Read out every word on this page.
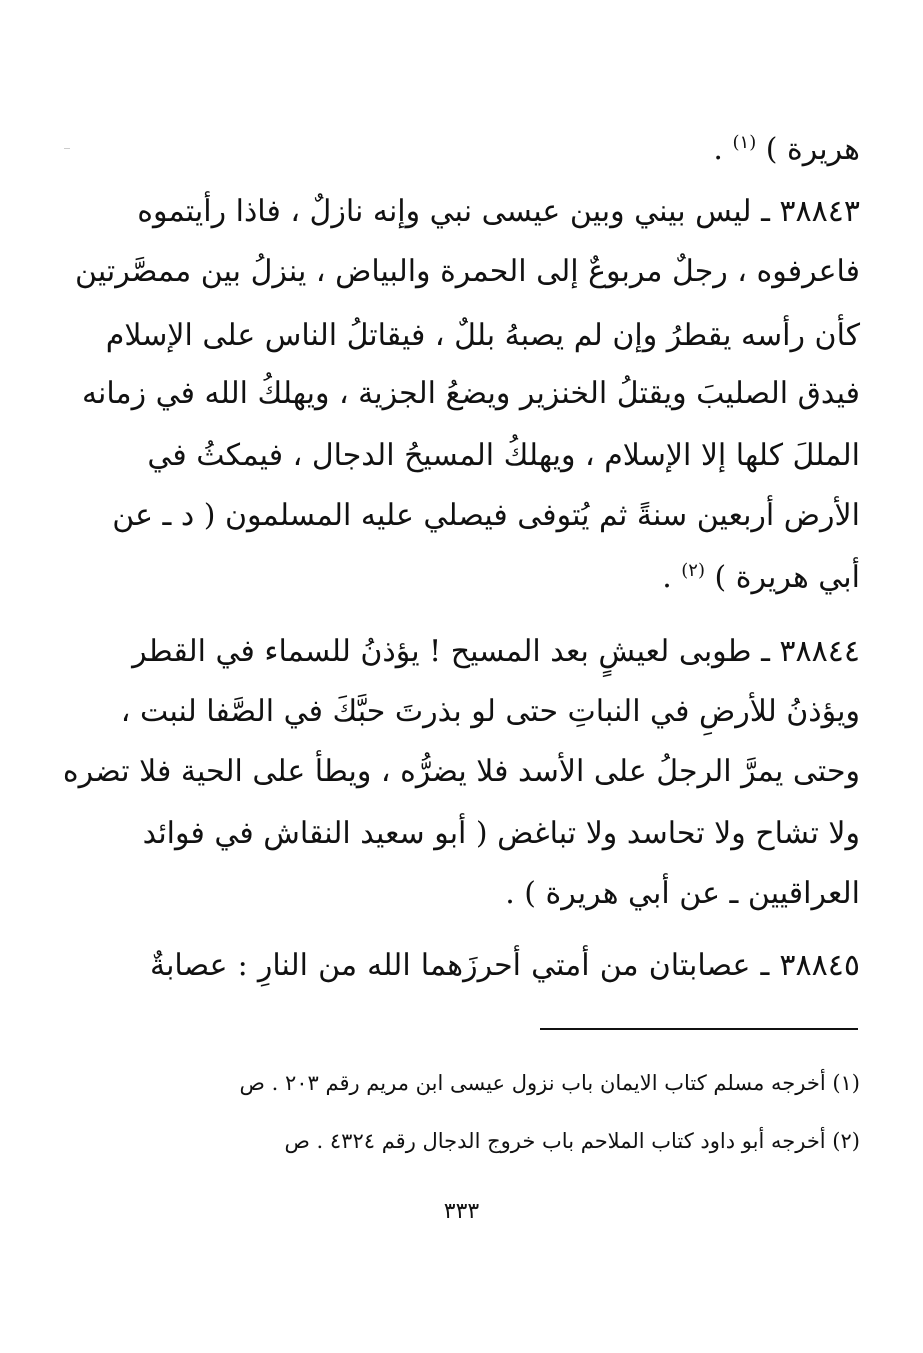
هريرة ) $^{(١)}$ .
٣٨٨٤٣ ـ ليس بيني وبين عيسى نبي وإنه نازلٌ ، فاذا رأيتموه
فاعرفوه ، رجلٌ مربوعٌ إلى الحمرة والبياض ، ينزلُ بين ممصَّرتين
كأن رأسه يقطرُ وإن لم يصبهُ بللٌ ، فيقاتلُ الناس على الإسلام
فيدق الصليبَ ويقتلُ الخنزير ويضعُ الجزية ، ويهلكُ الله في زمانه
المللَ كلها إلا الإسلام ، ويهلكُ المسيحُ الدجال ، فيمكثُ في
الأرض أربعين سنةً ثم يُتوفى فيصلي عليه المسلمون ( د ـ عن
أبي هريرة ) $^{(٢)}$ .
٣٨٨٤٤ ـ طوبى لعيشٍ بعد المسيح ! يؤذنُ للسماء في القطر
ويؤذنُ للأرضِ في النباتِ حتى لو بذرتَ حبَّكَ في الصَّفا لنبت ،
وحتى يمرَّ الرجلُ على الأسد فلا يضرُّه ، ويطأ على الحية فلا تضره
ولا تشاح ولا تحاسد ولا تباغض ( أبو سعيد النقاش في فوائد
العراقيين ـ عن أبي هريرة ) .
٣٨٨٤٥ ـ عصابتان من أمتي أحرزَهما الله من النارِ : عصابةٌ
(١) أخرجه مسلم كتاب الايمان باب نزول عيسى ابن مريم رقم ٢٠٣ . ص
(٢) أخرجه أبو داود كتاب الملاحم باب خروج الدجال رقم ٤٣٢٤ . ص
٣٣٣
